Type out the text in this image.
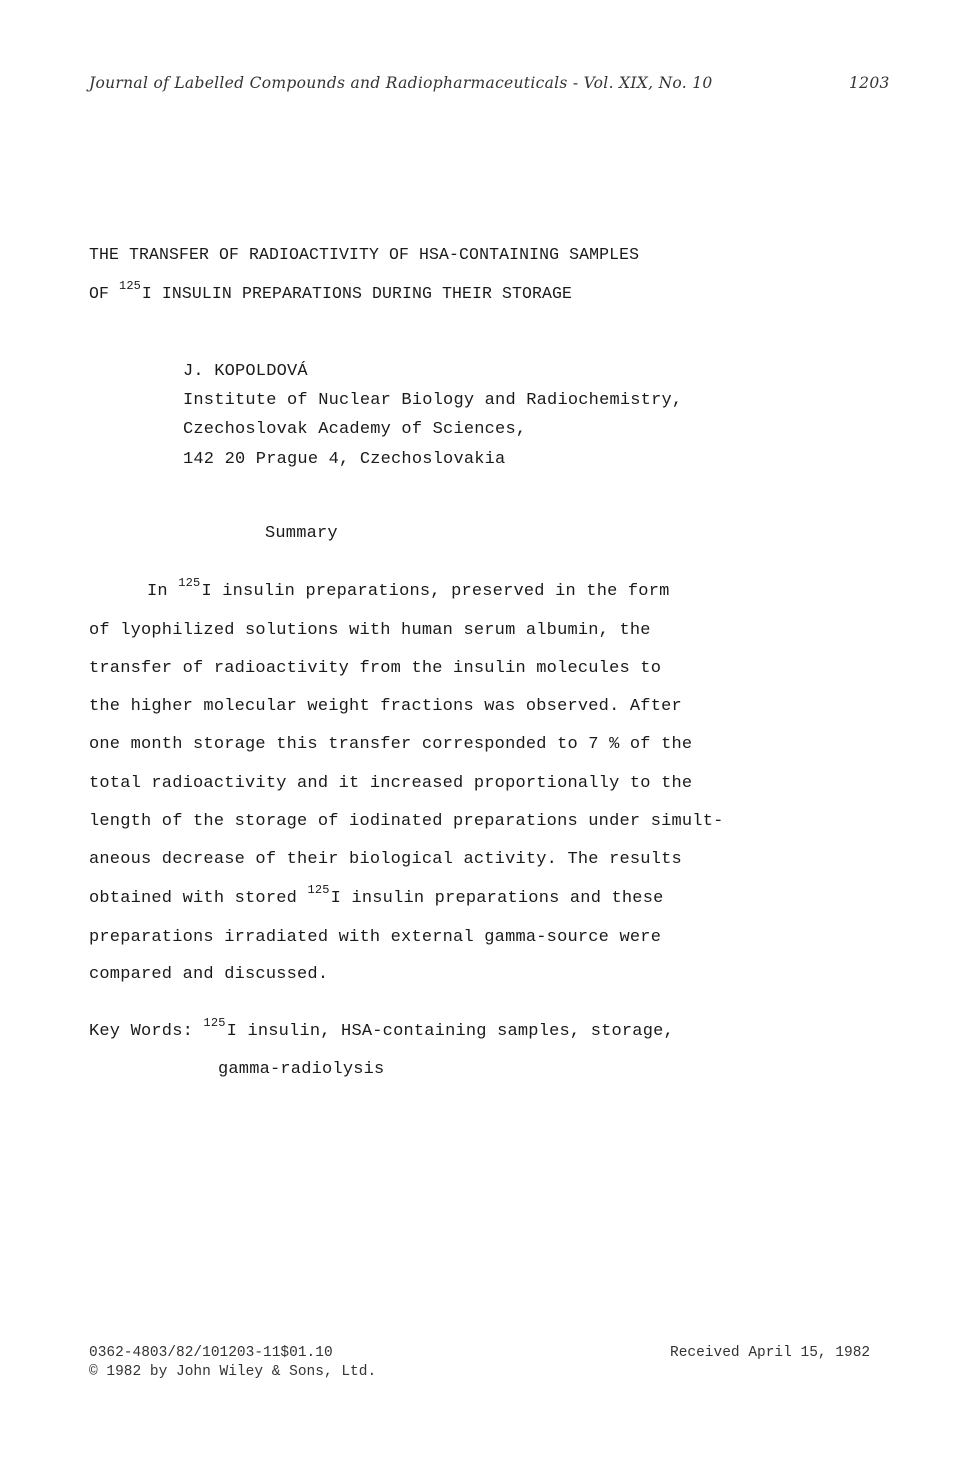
Journal of Labelled Compounds and Radiopharmaceuticals - Vol. XIX, No. 10	1203
THE TRANSFER OF RADIOACTIVITY OF HSA-CONTAINING SAMPLES
OF $^{125}$I INSULIN PREPARATIONS DURING THEIR STORAGE
J. KOPOLDOVÁ
Institute of Nuclear Biology and Radiochemistry,
Czechoslovak Academy of Sciences,
142 20 Prague 4, Czechoslovakia
Summary
In $^{125}$I insulin preparations, preserved in the form
of lyophilized solutions with human serum albumin, the
transfer of radioactivity from the insulin molecules to
the higher molecular weight fractions was observed. After
one month storage this transfer corresponded to 7 % of the
total radioactivity and it increased proportionally to the
length of the storage of iodinated preparations under simult-
aneous decrease of their biological activity. The results
obtained with stored $^{125}$I insulin preparations and these
preparations irradiated with external gamma-source were
compared and discussed.
Key Words: $^{125}$I insulin, HSA-containing samples, storage,
gamma-radiolysis
0362-4803/82/101203-11$01.10
© 1982 by John Wiley & Sons, Ltd.
Received April 15, 1982
